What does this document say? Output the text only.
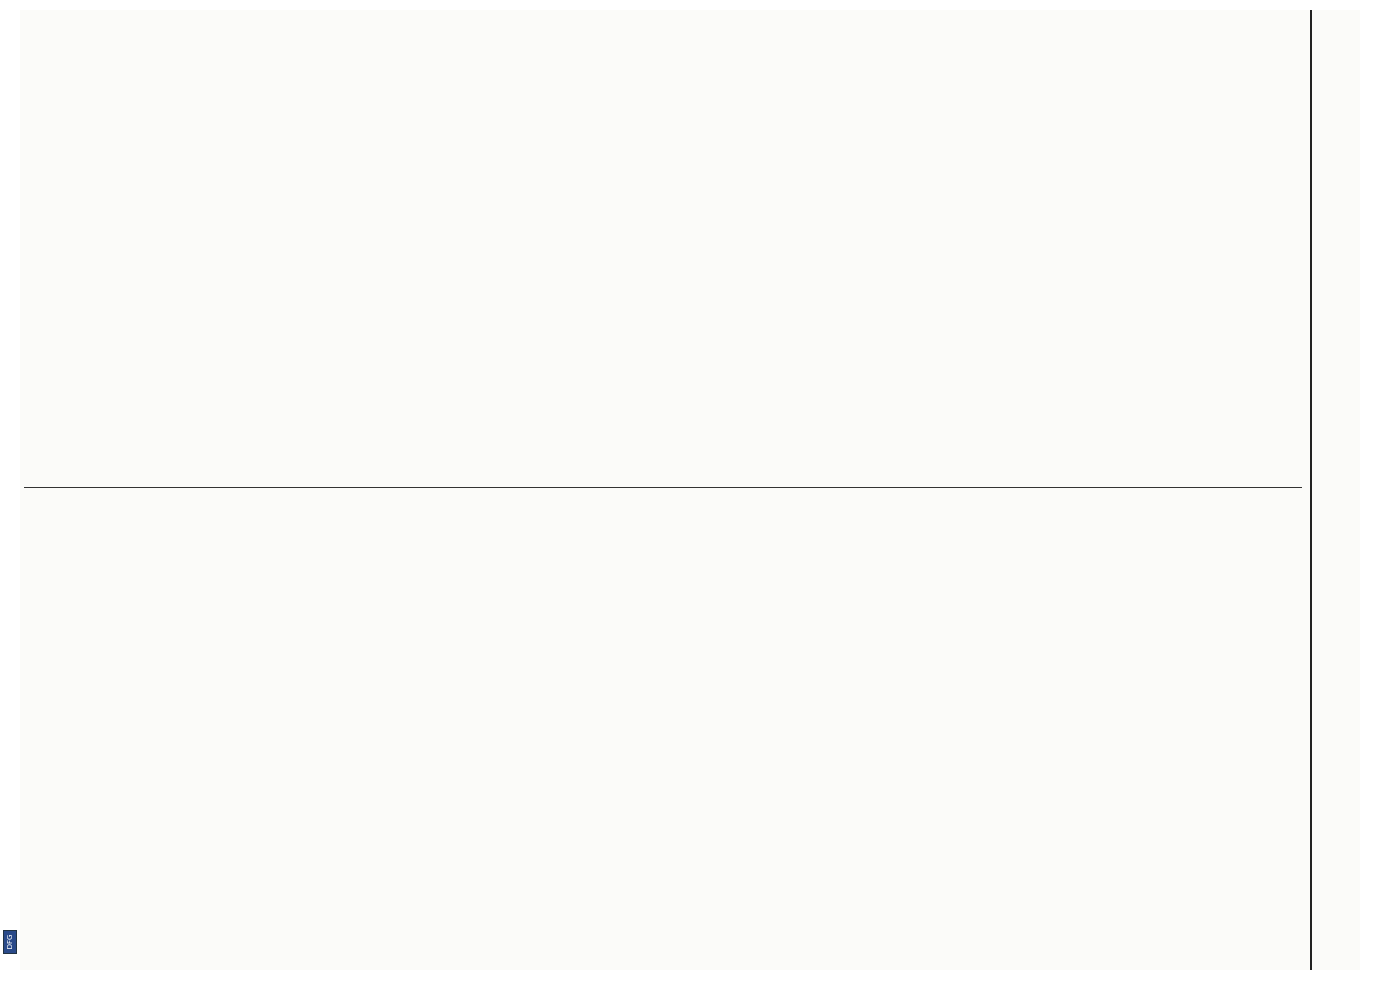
DFG
